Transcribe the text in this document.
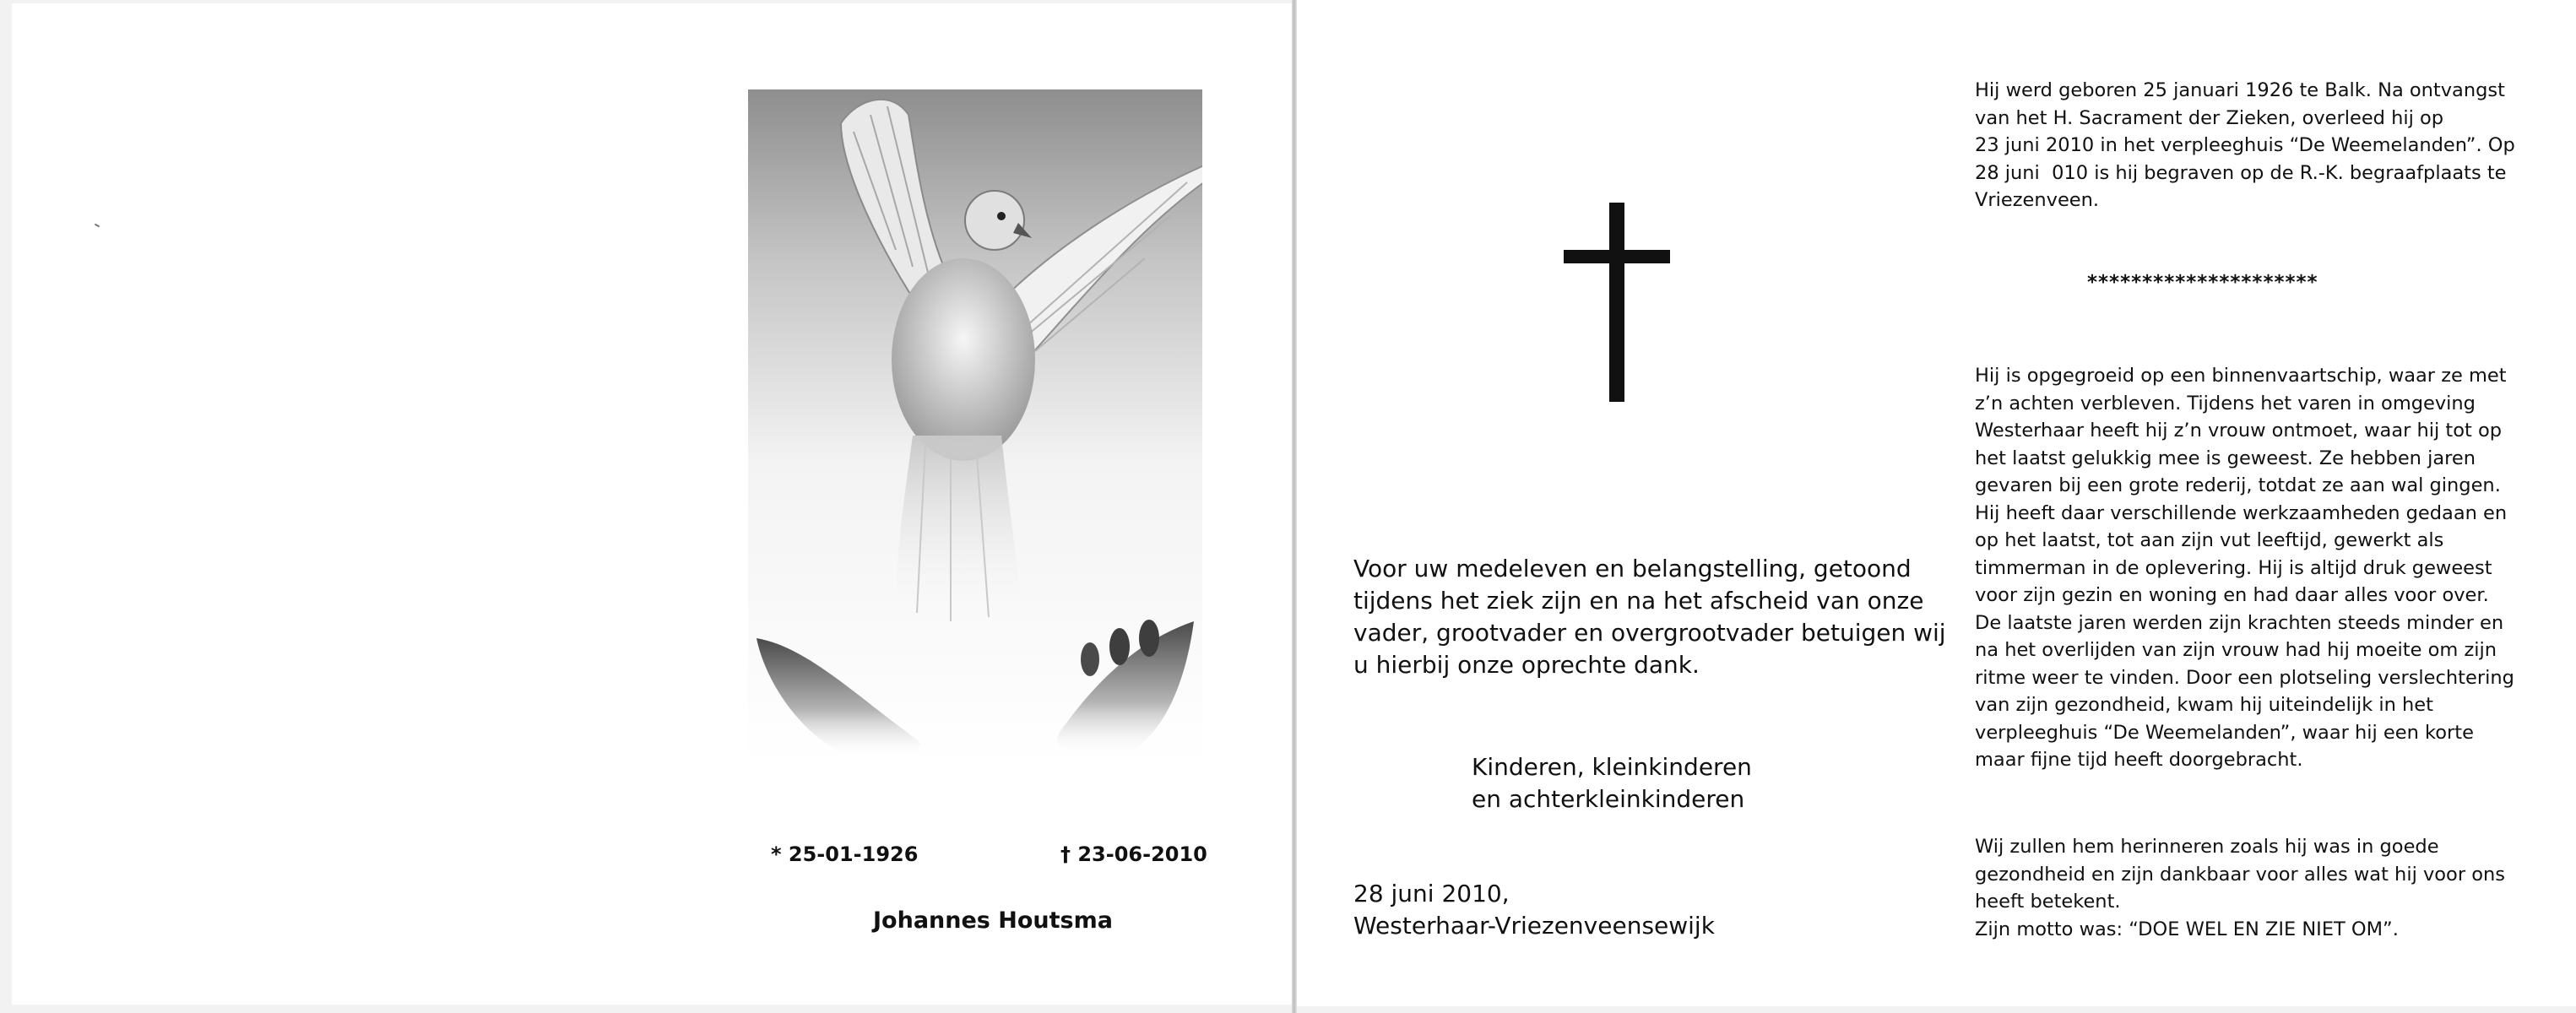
* 25-01-1926	† 23-06-2010
Johannes Houtsma
Voor uw medeleven en belangstelling, getoond
tijdens het ziek zijn en na het afscheid van onze
vader, grootvader en overgrootvader betuigen wij
u hierbij onze oprechte dank.
Kinderen, kleinkinderen
en achterkleinkinderen
28 juni 2010,
Westerhaar-Vriezenveensewijk

Hij werd geboren 25 januari 1926 te Balk. Na ontvangst

van het H. Sacrament der Zieken, overleed hij op

23 juni 2010 in het verpleeghuis “De Weemelanden”. Op

28 juni  010 is hij begraven op de R.-K. begraafplaats te

Vriezenveen.

*********************

Hij is opgegroeid op een binnenvaartschip, waar ze met

z’n achten verbleven. Tijdens het varen in omgeving

Westerhaar heeft hij z’n vrouw ontmoet, waar hij tot op

het laatst gelukkig mee is geweest. Ze hebben jaren

gevaren bij een grote rederij, totdat ze aan wal gingen.

Hij heeft daar verschillende werkzaamheden gedaan en

op het laatst, tot aan zijn vut leeftijd, gewerkt als

timmerman in de oplevering. Hij is altijd druk geweest

voor zijn gezin en woning en had daar alles voor over.

De laatste jaren werden zijn krachten steeds minder en

na het overlijden van zijn vrouw had hij moeite om zijn

ritme weer te vinden. Door een plotseling verslechtering

van zijn gezondheid, kwam hij uiteindelijk in het

verpleeghuis “De Weemelanden”, waar hij een korte

maar fijne tijd heeft doorgebracht.

Wij zullen hem herinneren zoals hij was in goede

gezondheid en zijn dankbaar voor alles wat hij voor ons

heeft betekent.

Zijn motto was: “DOE WEL EN ZIE NIET OM”.
